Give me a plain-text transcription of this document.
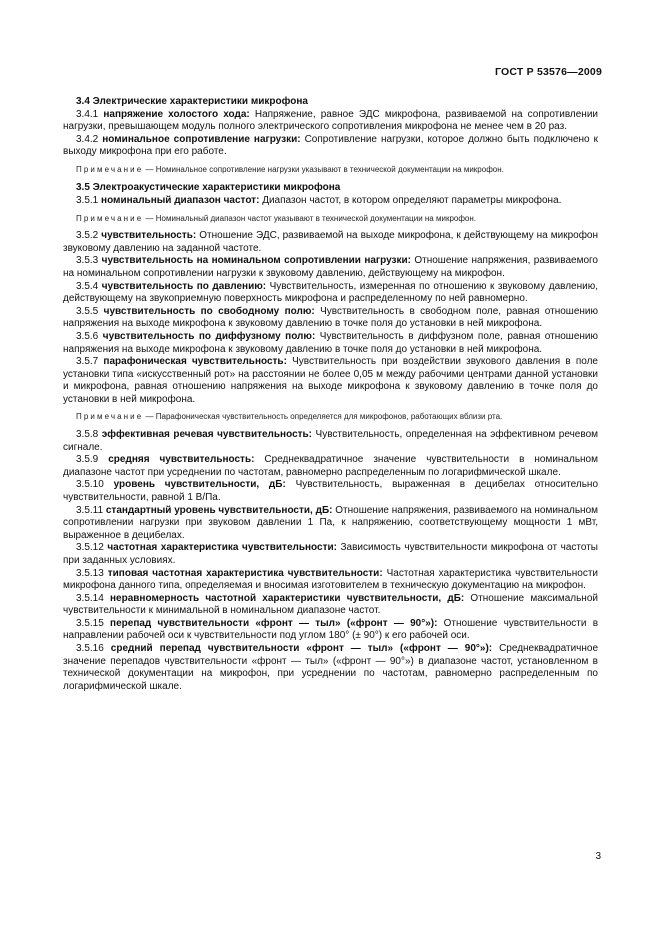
ГОСТ Р 53576—2009
3.4 Электрические характеристики микрофона

3.4.1 напряжение холостого хода: Напряжение, равное ЭДС микрофона, развиваемой на сопротивлении нагрузки, превышающем модуль полного электрического сопротивления микрофона не менее чем в 20 раз.

3.4.2 номинальное сопротивление нагрузки: Сопротивление нагрузки, которое должно быть подключено к выходу микрофона при его работе.

Примечание — Номинальное сопротивление нагрузки указывают в технической документации на микрофон.
3.5 Электроакустические характеристики микрофона

3.5.1 номинальный диапазон частот: Диапазон частот, в котором определяют параметры микрофона.

Примечание — Номинальный диапазон частот указывают в технической документации на микрофон.

3.5.2 чувствительность: Отношение ЭДС, развиваемой на выходе микрофона, к действующему на микрофон звуковому давлению на заданной частоте.

3.5.3 чувствительность на номинальном сопротивлении нагрузки: Отношение напряжения, развиваемого на номинальном сопротивлении нагрузки к звуковому давлению, действующему на микрофон.

3.5.4 чувствительность по давлению: Чувствительность, измеренная по отношению к звуковому давлению, действующему на звукоприемную поверхность микрофона и распределенному по ней равномерно.

3.5.5 чувствительность по свободному полю: Чувствительность в свободном поле, равная отношению напряжения на выходе микрофона к звуковому давлению в точке поля до установки в ней микрофона.

3.5.6 чувствительность по диффузному полю: Чувствительность в диффузном поле, равная отношению напряжения на выходе микрофона к звуковому давлению в точке поля до установки в ней микрофона.

3.5.7 парафоническая чувствительность: Чувствительность при воздействии звукового давления в поле установки типа «искусственный рот» на расстоянии не более 0,05 м между рабочими центрами данной установки и микрофона, равная отношению напряжения на выходе микрофона к звуковому давлению в точке поля до установки в ней микрофона.

Примечание — Парафоническая чувствительность определяется для микрофонов, работающих вблизи рта.

3.5.8 эффективная речевая чувствительность: Чувствительность, определенная на эффективном речевом сигнале.

3.5.9 средняя чувствительность: Среднеквадратичное значение чувствительности в номинальном диапазоне частот при усреднении по частотам, равномерно распределенным по логарифмической шкале.

3.5.10 уровень чувствительности, дБ: Чувствительность, выраженная в децибелах относительно чувствительности, равной 1 В/Па.

3.5.11 стандартный уровень чувствительности, дБ: Отношение напряжения, развиваемого на номинальном сопротивлении нагрузки при звуковом давлении 1 Па, к напряжению, соответствующему мощности 1 мВт, выраженное в децибелах.

3.5.12 частотная характеристика чувствительности: Зависимость чувствительности микрофона от частоты при заданных условиях.

3.5.13 типовая частотная характеристика чувствительности: Частотная характеристика чувствительности микрофона данного типа, определяемая и вносимая изготовителем в техническую документацию на микрофон.

3.5.14 неравномерность частотной характеристики чувствительности, дБ: Отношение максимальной чувствительности к минимальной в номинальном диапазоне частот.

3.5.15 перепад чувствительности «фронт — тыл» («фронт — 90°»): Отношение чувствительности в направлении рабочей оси к чувствительности под углом 180° (± 90°) к его рабочей оси.

3.5.16 средний перепад чувствительности «фронт — тыл» («фронт — 90°»): Среднеквадратичное значение перепадов чувствительности «фронт — тыл» («фронт — 90°») в диапазоне частот, установленном в технической документации на микрофон, при усреднении по частотам, равномерно распределенным по логарифмической шкале.

3
